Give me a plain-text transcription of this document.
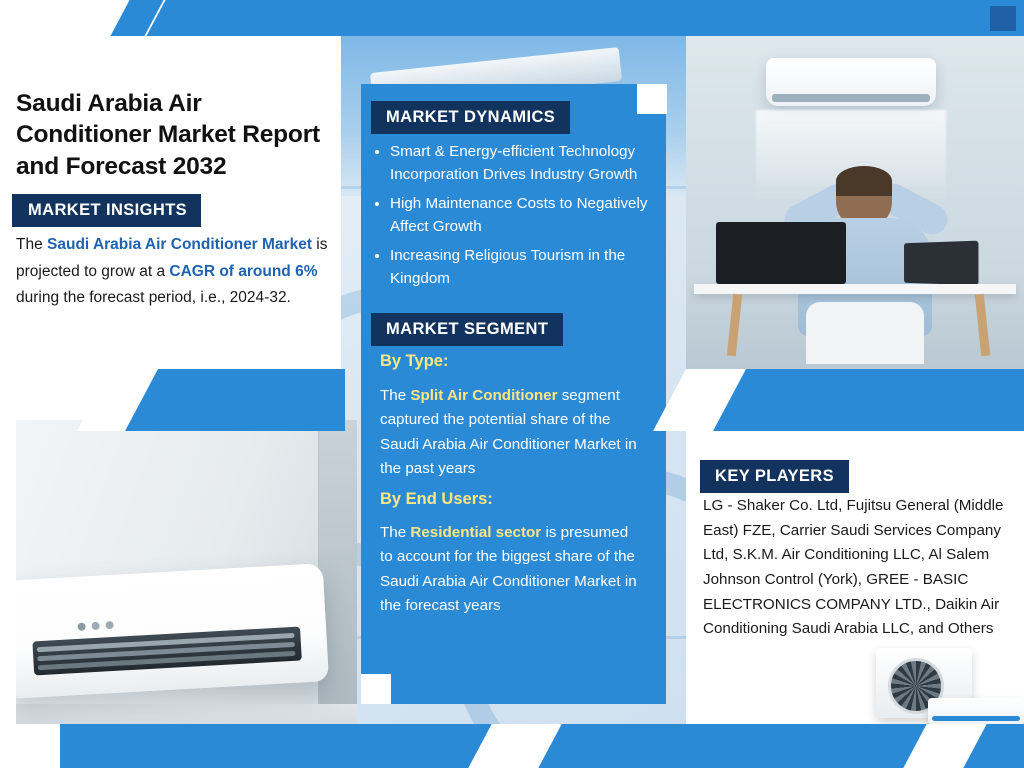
Saudi Arabia Air Conditioner Market Report and Forecast 2032
MARKET INSIGHTS
The Saudi Arabia Air Conditioner Market is projected to grow at a CAGR of around 6% during the forecast period, i.e., 2024-32.
MARKET DYNAMICS
• Smart & Energy-efficient Technology Incorporation Drives Industry Growth
• High Maintenance Costs to Negatively Affect Growth
• Increasing Religious Tourism in the Kingdom
MARKET SEGMENT
By Type:
The Split Air Conditioner segment captured the potential share of the Saudi Arabia Air Conditioner Market in the past years
By End Users:
The Residential sector is presumed to account for the biggest share of the Saudi Arabia Air Conditioner Market in the forecast years
KEY PLAYERS
LG - Shaker Co. Ltd, Fujitsu General (Middle East) FZE, Carrier Saudi Services Company Ltd, S.K.M. Air Conditioning LLC, Al Salem Johnson Control (York), GREE - BASIC ELECTRONICS COMPANY LTD., Daikin Air Conditioning Saudi Arabia LLC, and Others
